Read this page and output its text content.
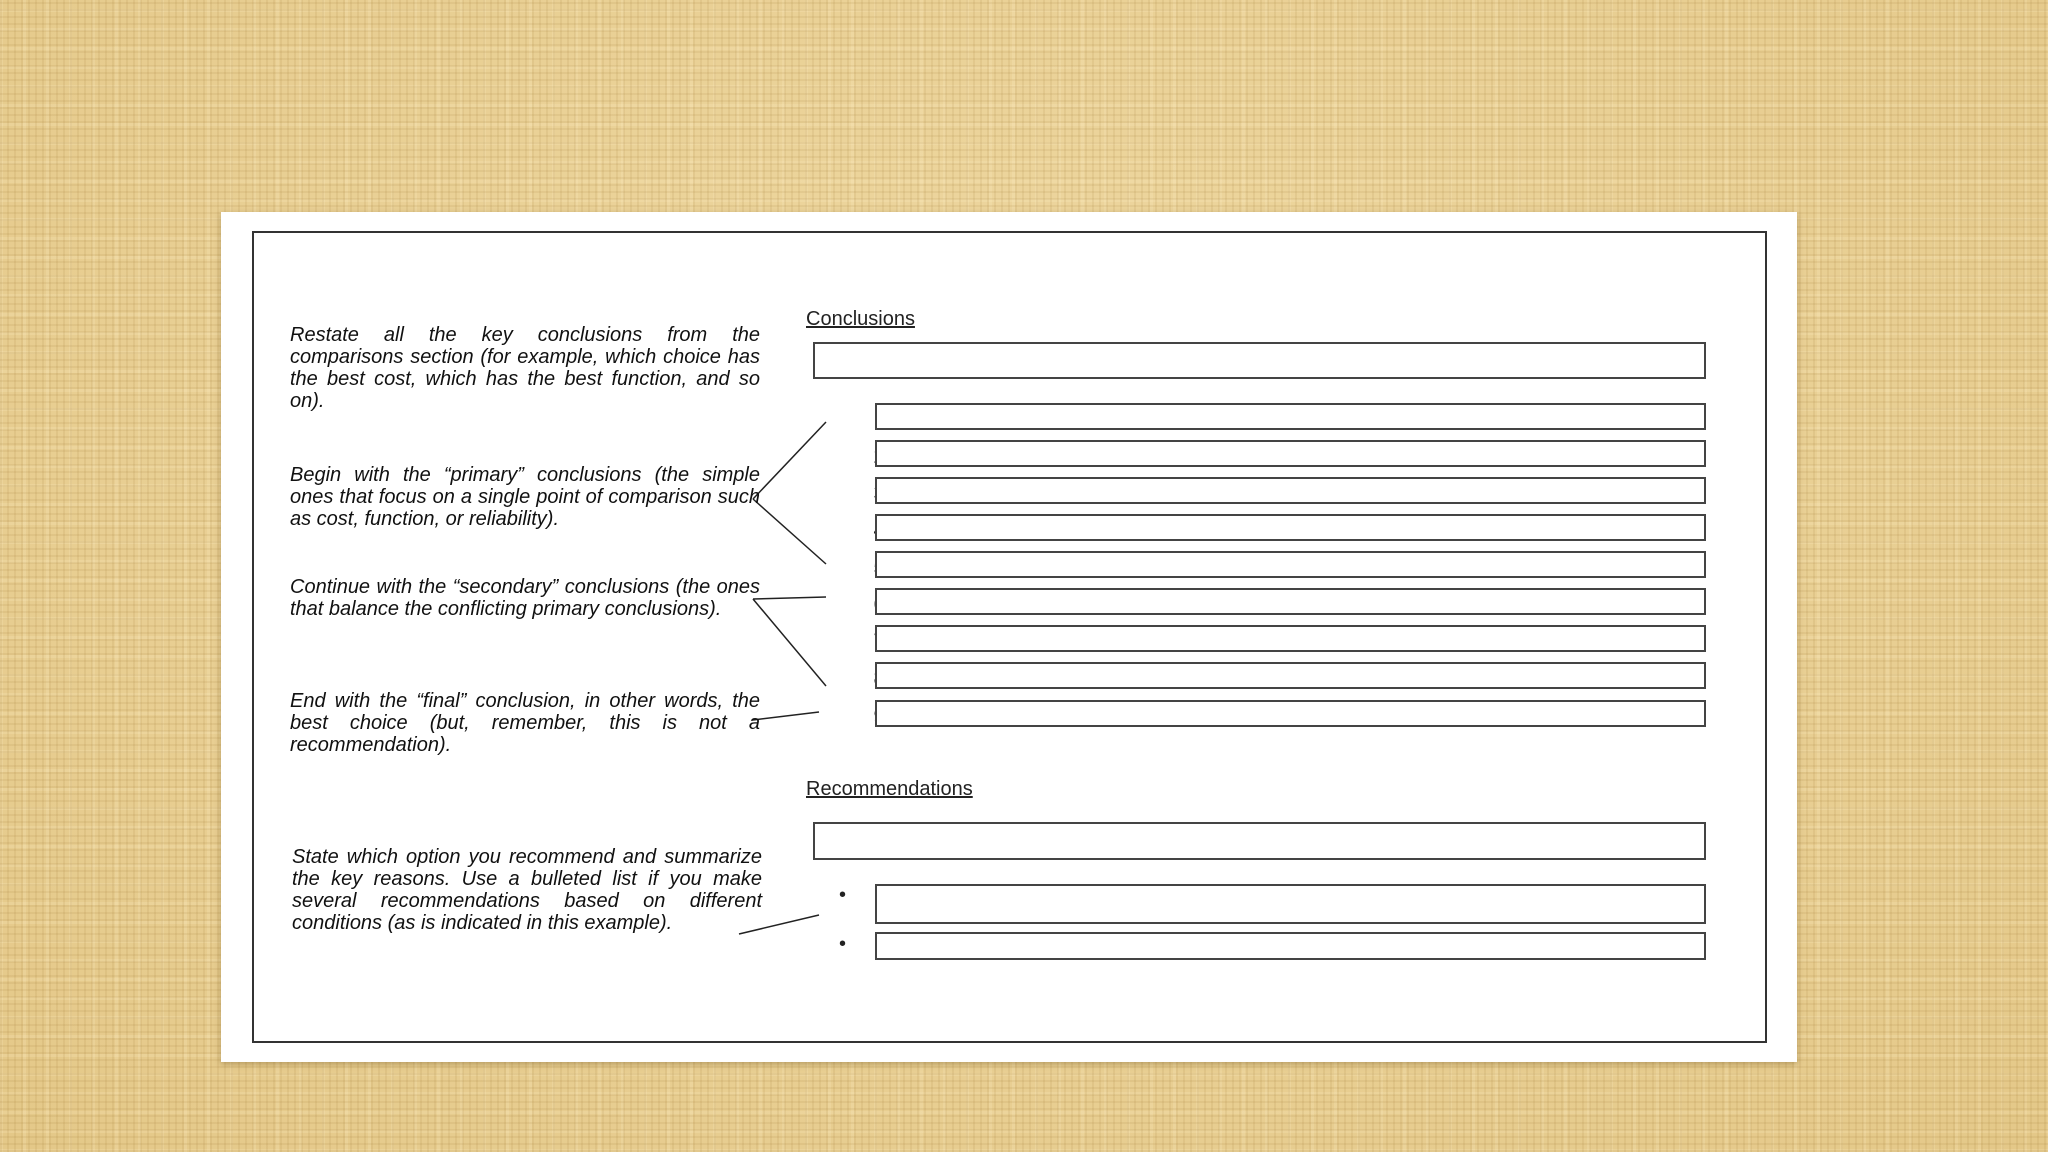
Conclusions
Restate all the key conclusions from the comparisons section (for example, which choice has the best cost, which has the best function, and so on).
Begin with the “primary” conclusions (the simple ones that focus on a single point of comparison such as cost, function, or reliability).
Continue with the “secondary” conclusions (the ones that balance the conflicting primary conclusions).
End with the “final” conclusion, in other words, the best choice (but, remember, this is not a recommendation).
Recommendations
State which option you recommend and summarize the key reasons. Use a bulleted list if you make several recommendations based on different conditions (as is indicated in this example).
•
•
